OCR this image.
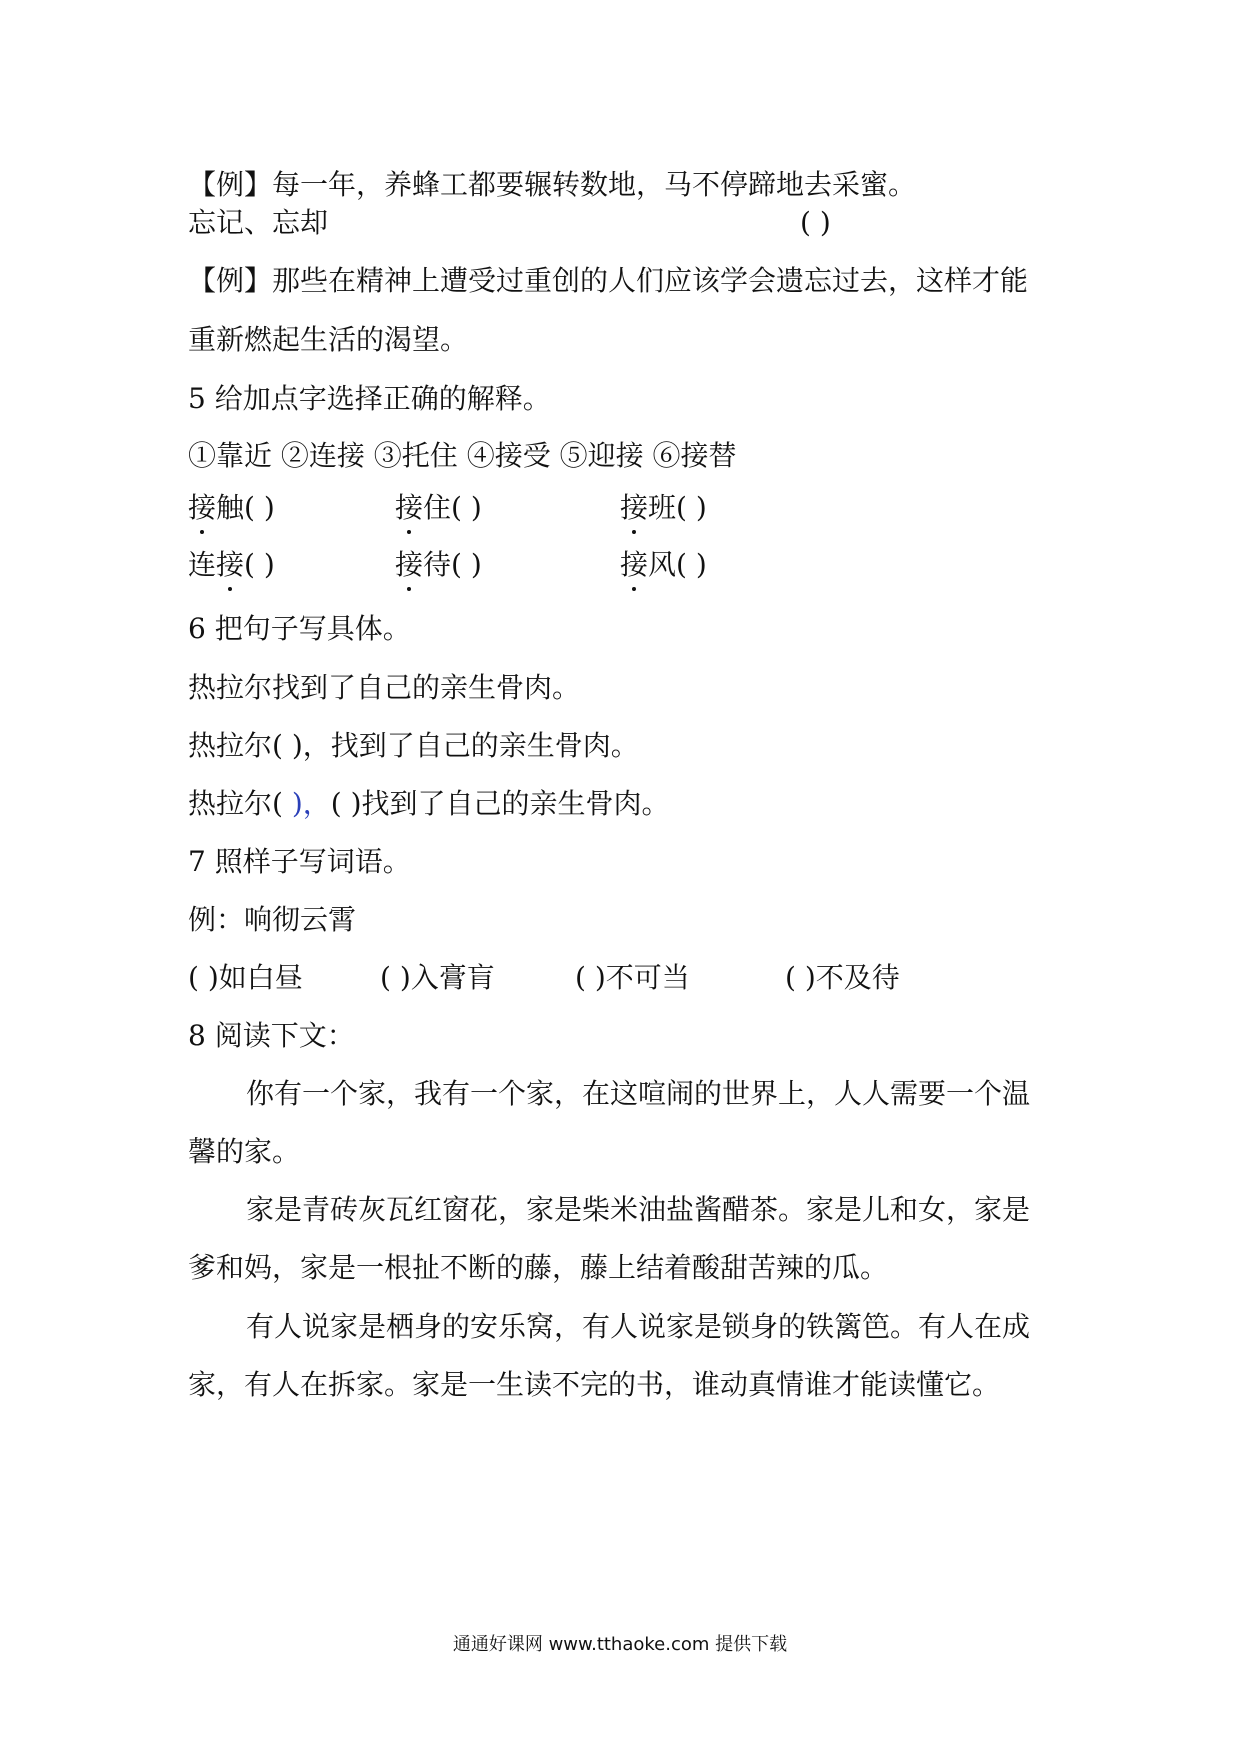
【例】每一年，养蜂工都要辗转数地，马不停蹄地去采蜜。
忘记、忘却	( )
【例】那些在精神上遭受过重创的人们应该学会遗忘过去，这样才能
重新燃起生活的渴望。
5 给加点字选择正确的解释。
①靠近 ②连接 ③托住 ④接受 ⑤迎接 ⑥接替
接触( )	接住( )	接班( )
连接( )	接待( )	接风( )
6 把句子写具体。
热拉尔找到了自己的亲生骨肉。
热拉尔( )，找到了自己的亲生骨肉。
热拉尔( )，( )找到了自己的亲生骨肉。
7 照样子写词语。
例：响彻云霄
( )如白昼	( )入膏肓	( )不可当	( )不及待
8 阅读下文：
你有一个家，我有一个家，在这喧闹的世界上，人人需要一个温
馨的家。
家是青砖灰瓦红窗花，家是柴米油盐酱醋茶。家是儿和女，家是
爹和妈，家是一根扯不断的藤，藤上结着酸甜苦辣的瓜。
有人说家是栖身的安乐窝，有人说家是锁身的铁篱笆。有人在成
家，有人在拆家。家是一生读不完的书，谁动真情谁才能读懂它。
通通好课网 www.tthaoke.com 提供下载
